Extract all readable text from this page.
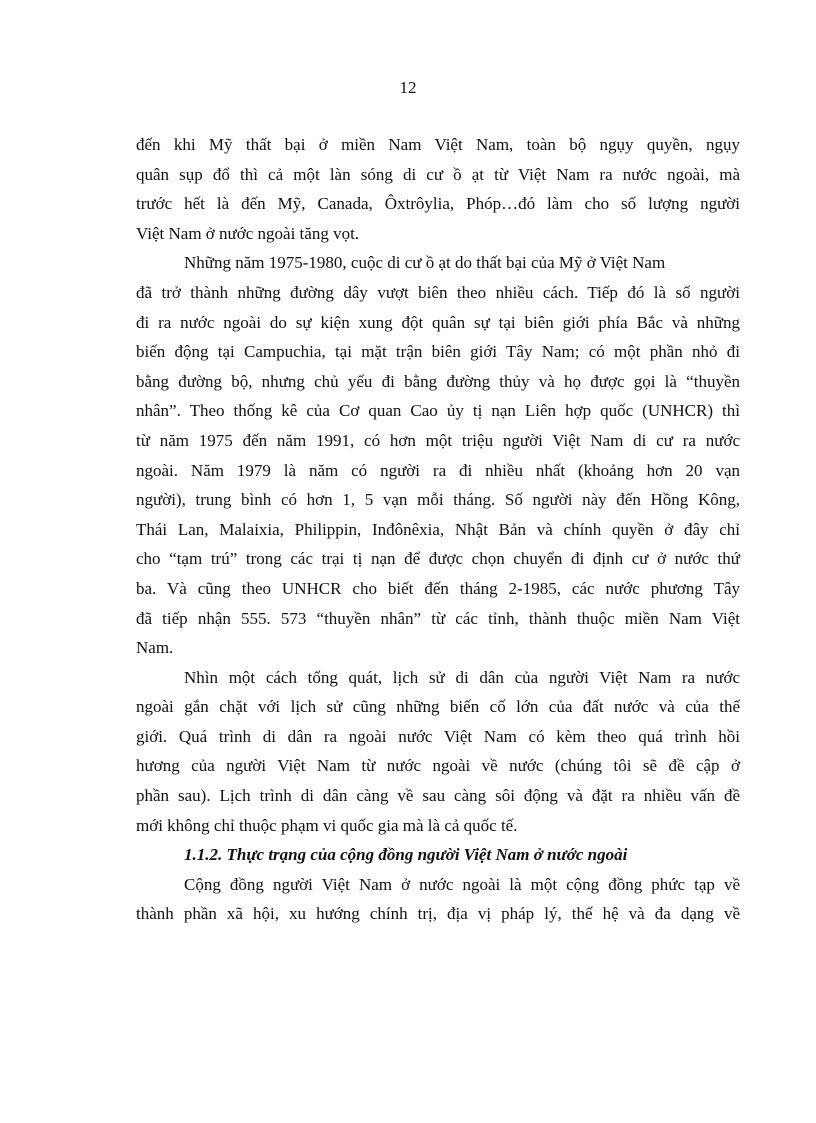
12

đến khi Mỹ thất bại ở miền Nam Việt Nam, toàn bộ ngụy quyền, ngụy
quân sụp đổ thì cả một làn sóng di cư ồ ạt từ Việt Nam ra nước ngoài, mà
trước hết là đến Mỹ, Canada, Ôxtrôylia, Phóp…đó làm cho số lượng người
Việt Nam ở nước ngoài tăng vọt.

Những năm 1975-1980, cuộc di cư ồ ạt do thất bại của Mỹ ở Việt Nam
đã trở thành những đường dây vượt biên theo nhiều cách. Tiếp đó là số người
đi ra nước ngoài do sự kiện xung đột quân sự tại biên giới phía Bắc và những
biến động tại Campuchia, tại mặt trận biên giới Tây Nam; có một phần nhỏ đi
bằng đường bộ, nhưng chủ yếu đi bằng đường thủy và họ được gọi là “thuyền
nhân”. Theo thống kê của Cơ quan Cao ủy tị nạn Liên hợp quốc (UNHCR) thì
từ năm 1975 đến năm 1991, có hơn một triệu người Việt Nam di cư ra nước
ngoài. Năm 1979 là năm có người ra đi nhiều nhất (khoảng hơn 20 vạn
người), trung bình có hơn 1, 5 vạn mỗi tháng. Số người này đến Hồng Kông,
Thái Lan, Malaixia, Philippin, Inđônêxia, Nhật Bản và chính quyền ở đây chỉ
cho “tạm trú” trong các trại tị nạn để được chọn chuyển đi định cư ở nước thứ
ba. Và cũng theo UNHCR cho biết đến tháng 2-1985, các nước phương Tây
đã tiếp nhận 555. 573 “thuyền nhân” từ các tỉnh, thành thuộc miền Nam Việt
Nam.

Nhìn một cách tổng quát, lịch sử di dân của người Việt Nam ra nước
ngoài gắn chặt với lịch sử cũng những biến cố lớn của đất nước và của thế
giới. Quá trình di dân ra ngoài nước Việt Nam có kèm theo quá trình hồi
hương của người Việt Nam từ nước ngoài về nước (chúng tôi sẽ đề cập ở
phần sau). Lịch trình di dân càng về sau càng sôi động và đặt ra nhiều vấn đề
mới không chỉ thuộc phạm vi quốc gia mà là cả quốc tế.

1.1.2. Thực trạng của cộng đồng người Việt Nam ở nước ngoài

Cộng đồng người Việt Nam ở nước ngoài là một cộng đồng phức tạp về
thành phần xã hội, xu hướng chính trị, địa vị pháp lý, thế hệ và đa dạng về
